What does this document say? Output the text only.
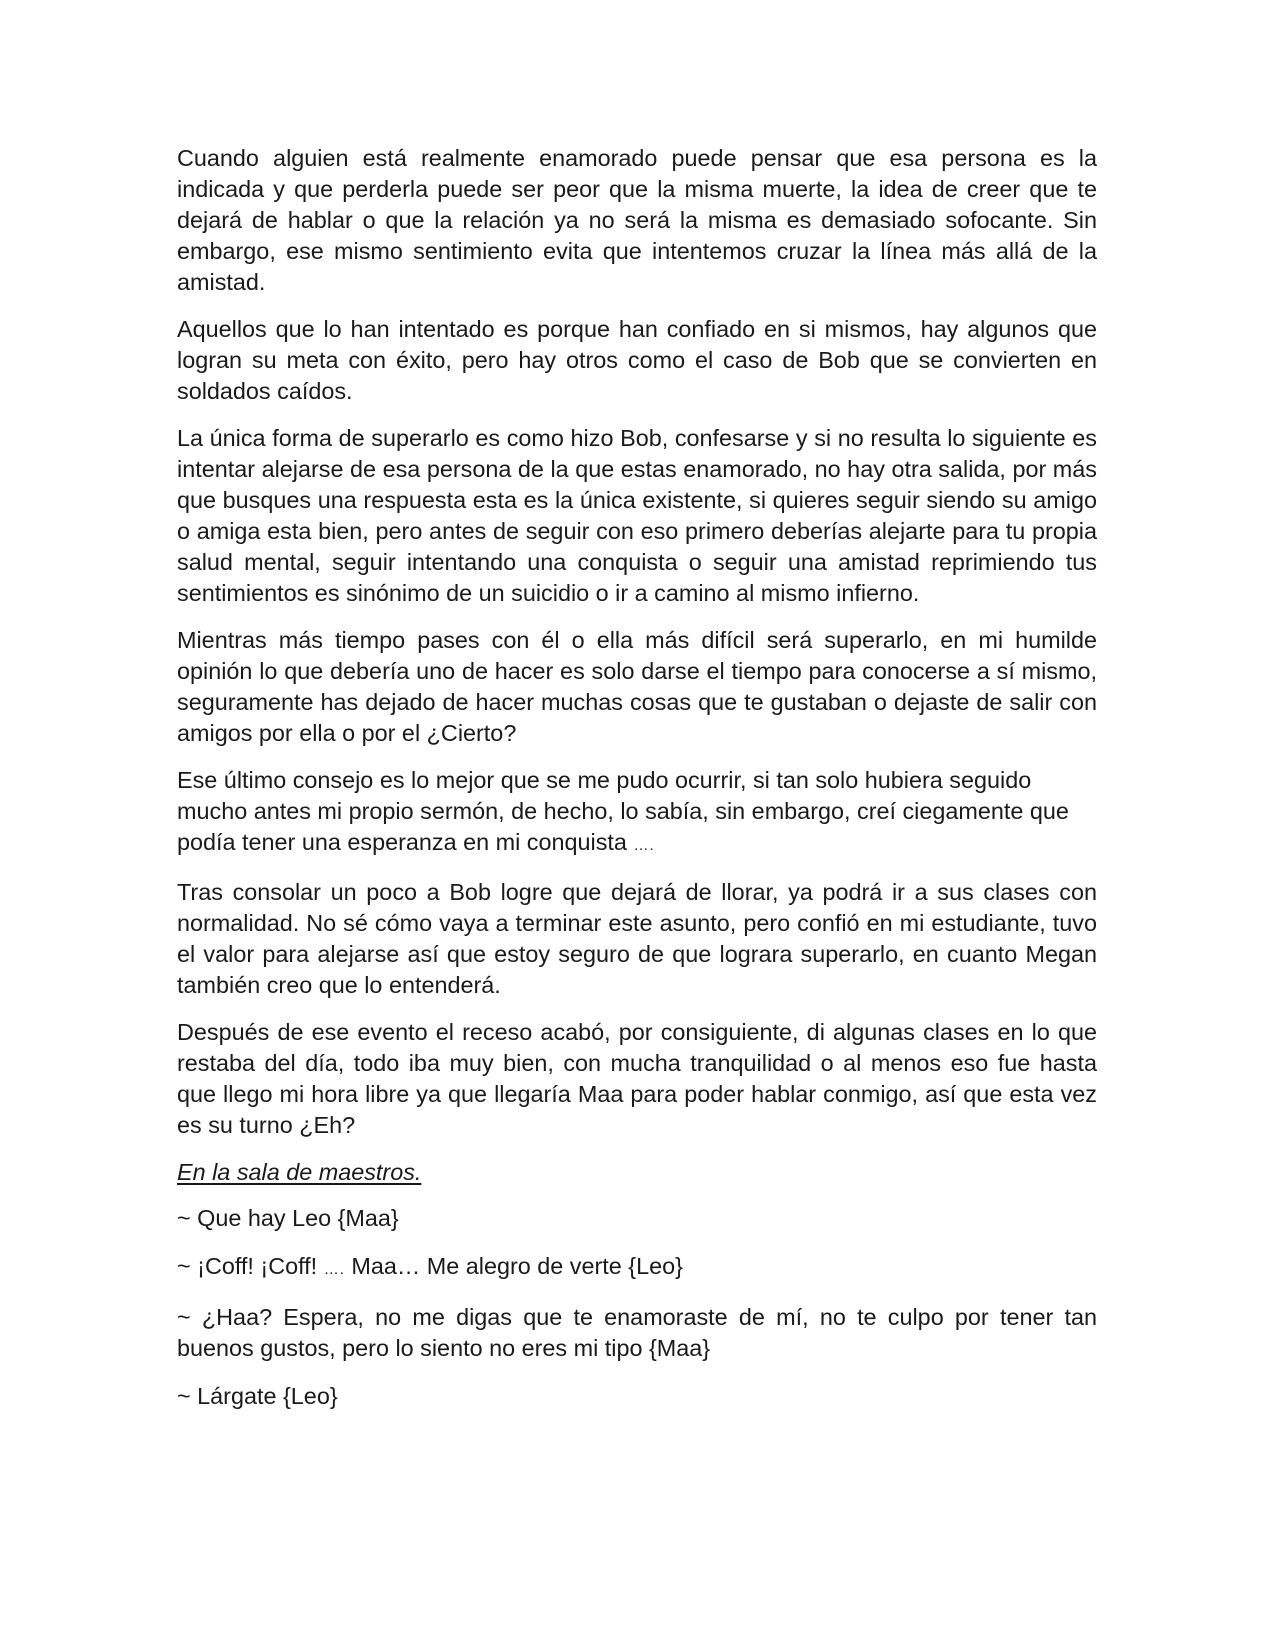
Cuando alguien está realmente enamorado puede pensar que esa persona es la indicada y que perderla puede ser peor que la misma muerte, la idea de creer que te dejará de hablar o que la relación ya no será la misma es demasiado sofocante. Sin embargo, ese mismo sentimiento evita que intentemos cruzar la línea más allá de la amistad.

Aquellos que lo han intentado es porque han confiado en si mismos, hay algunos que logran su meta con éxito, pero hay otros como el caso de Bob que se convierten en soldados caídos.

La única forma de superarlo es como hizo Bob, confesarse y si no resulta lo siguiente es intentar alejarse de esa persona de la que estas enamorado, no hay otra salida, por más que busques una respuesta esta es la única existente, si quieres seguir siendo su amigo o amiga esta bien, pero antes de seguir con eso primero deberías alejarte para tu propia salud mental, seguir intentando una conquista o seguir una amistad reprimiendo tus sentimientos es sinónimo de un suicidio o ir a camino al mismo infierno.

Mientras más tiempo pases con él o ella más difícil será superarlo, en mi humilde opinión lo que debería uno de hacer es solo darse el tiempo para conocerse a sí mismo, seguramente has dejado de hacer muchas cosas que te gustaban o dejaste de salir con amigos por ella o por el ¿Cierto?

Ese último consejo es lo mejor que se me pudo ocurrir, si tan solo hubiera seguido mucho antes mi propio sermón, de hecho, lo sabía, sin embargo, creí ciegamente que podía tener una esperanza en mi conquista ….

Tras consolar un poco a Bob logre que dejará de llorar, ya podrá ir a sus clases con normalidad. No sé cómo vaya a terminar este asunto, pero confió en mi estudiante, tuvo el valor para alejarse así que estoy seguro de que lograra superarlo, en cuanto Megan también creo que lo entenderá.

Después de ese evento el receso acabó, por consiguiente, di algunas clases en lo que restaba del día, todo iba muy bien, con mucha tranquilidad o al menos eso fue hasta que llego mi hora libre ya que llegaría Maa para poder hablar conmigo, así que esta vez es su turno ¿Eh?

En la sala de maestros.

~ Que hay Leo {Maa}

~ ¡Coff! ¡Coff! …. Maa… Me alegro de verte {Leo}

~ ¿Haa? Espera, no me digas que te enamoraste de mí, no te culpo por tener tan buenos gustos, pero lo siento no eres mi tipo {Maa}

~ Lárgate {Leo}
